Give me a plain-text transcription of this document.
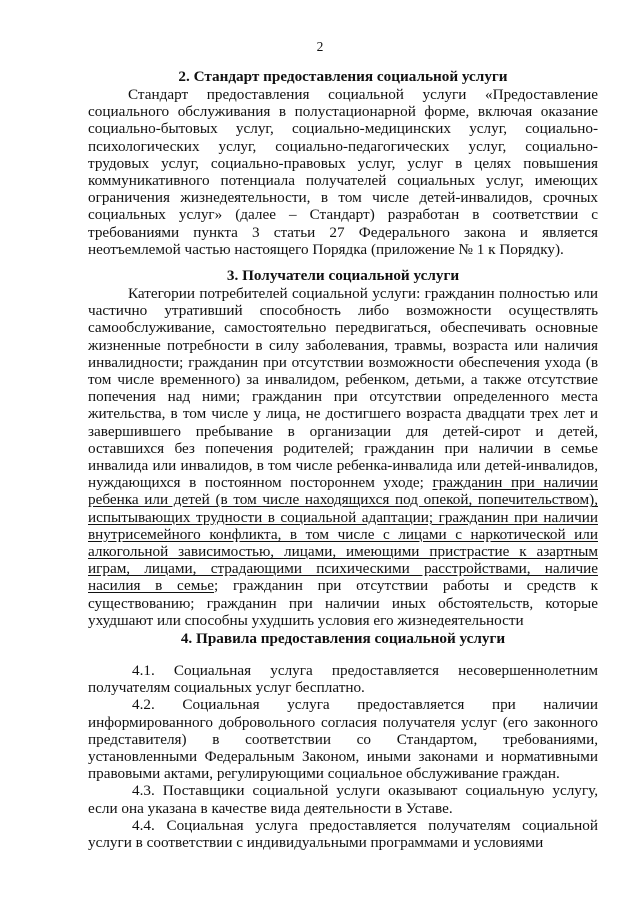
2
2. Стандарт предоставления социальной услуги

Стандарт предоставления социальной услуги «Предоставление социального обслуживания в полустационарной форме, включая оказание социально-бытовых услуг, социально-медицинских услуг, социально-психологических услуг, социально-педагогических услуг, социально-трудовых услуг, социально-правовых услуг, услуг в целях повышения коммуникативного потенциала получателей социальных услуг, имеющих ограничения жизнедеятельности, в том числе детей-инвалидов, срочных социальных услуг» (далее – Стандарт) разработан в соответствии с требованиями пункта 3 статьи 27 Федерального закона и является неотъемлемой частью настоящего Порядка (приложение № 1 к Порядку).

3. Получатели социальной услуги

Категории потребителей социальной услуги: гражданин полностью или частично утративший способность либо возможности осуществлять самообслуживание, самостоятельно передвигаться, обеспечивать основные жизненные потребности в силу заболевания, травмы, возраста или наличия инвалидности; гражданин при отсутствии возможности обеспечения ухода (в том числе временного) за инвалидом, ребенком, детьми, а также отсутствие попечения над ними; гражданин при отсутствии определенного места жительства, в том числе у лица, не достигшего возраста двадцати трех лет и завершившего пребывание в организации для детей-сирот и детей, оставшихся без попечения родителей; гражданин при наличии в семье инвалида или инвалидов, в том числе ребенка-инвалида или детей-инвалидов, нуждающихся в постоянном постороннем уходе; гражданин при наличии ребенка или детей (в том числе находящихся под опекой, попечительством), испытывающих трудности в социальной адаптации; гражданин при наличии внутрисемейного конфликта, в том числе с лицами с наркотической или алкогольной зависимостью, лицами, имеющими пристрастие к азартным играм, лицами, страдающими психическими расстройствами, наличие насилия в семье; гражданин при отсутствии работы и средств к существованию; гражданин при наличии иных обстоятельств, которые ухудшают или способны ухудшить условия его жизнедеятельности

4. Правила предоставления социальной услуги

4.1. Социальная услуга предоставляется несовершеннолетним получателям социальных услуг бесплатно.

4.2. Социальная услуга предоставляется при наличии информированного добровольного согласия получателя услуг (его законного представителя) в соответствии со Стандартом, требованиями, установленными Федеральным Законом, иными законами и нормативными правовыми актами, регулирующими социальное обслуживание граждан.

4.3. Поставщики социальной услуги оказывают социальную услугу, если она указана в качестве вида деятельности в Уставе.

4.4. Социальная услуга предоставляется получателям социальной услуги в соответствии с индивидуальными программами и условиями
